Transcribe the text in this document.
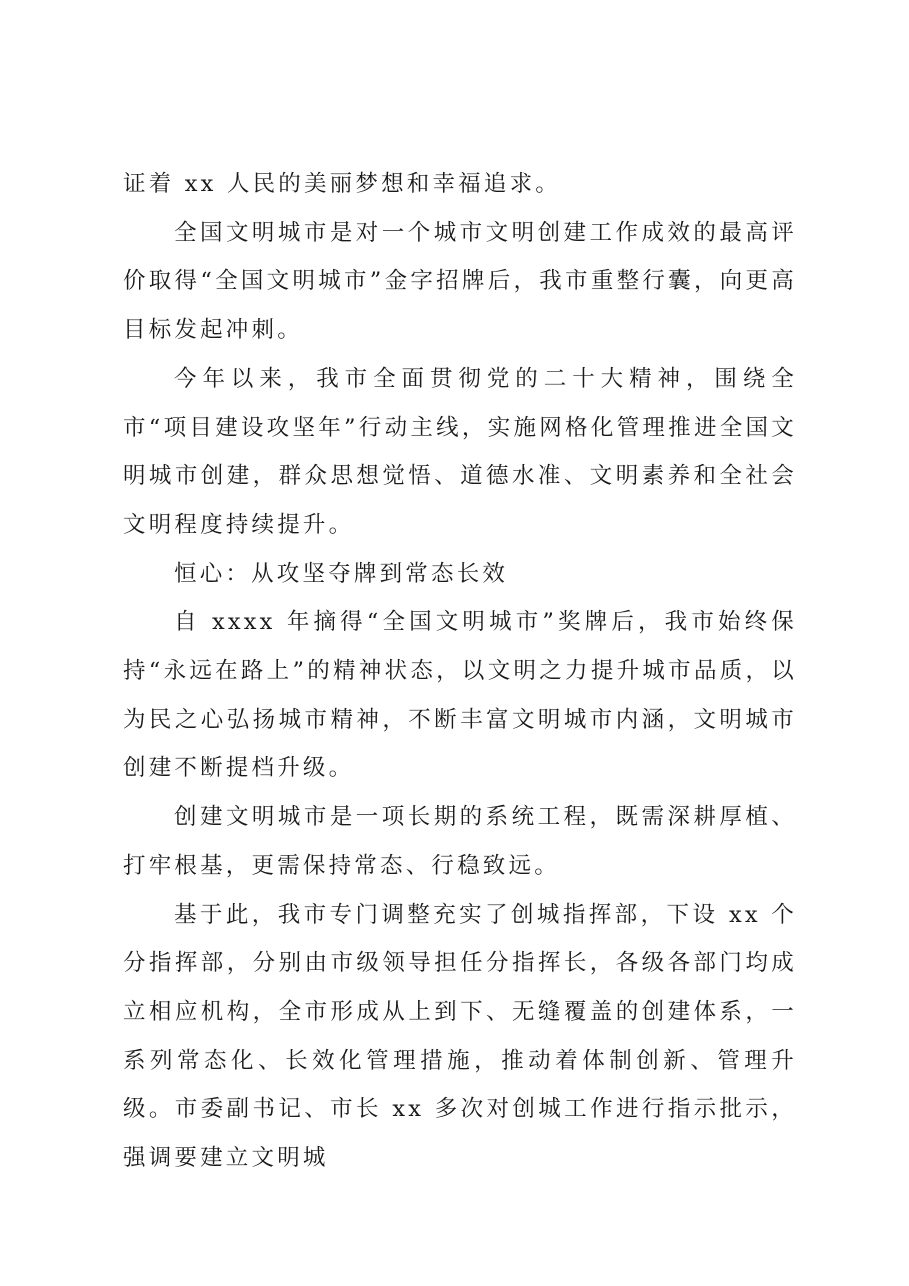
证着 xx 人民的美丽梦想和幸福追求。

全国文明城市是对一个城市文明创建工作成效的最高评价取得“全国文明城市”金字招牌后，我市重整行囊，向更高目标发起冲刺。

今年以来，我市全面贯彻党的二十大精神，围绕全市“项目建设攻坚年”行动主线，实施网格化管理推进全国文明城市创建，群众思想觉悟、道德水准、文明素养和全社会文明程度持续提升。

恒心：从攻坚夺牌到常态长效

自 xxxx 年摘得“全国文明城市”奖牌后，我市始终保持“永远在路上”的精神状态，以文明之力提升城市品质，以为民之心弘扬城市精神，不断丰富文明城市内涵，文明城市创建不断提档升级。

创建文明城市是一项长期的系统工程，既需深耕厚植、打牢根基，更需保持常态、行稳致远。

基于此，我市专门调整充实了创城指挥部，下设 xx 个分指挥部，分别由市级领导担任分指挥长，各级各部门均成立相应机构，全市形成从上到下、无缝覆盖的创建体系，一系列常态化、长效化管理措施，推动着体制创新、管理升级。市委副书记、市长 xx 多次对创城工作进行指示批示，强调要建立文明城
